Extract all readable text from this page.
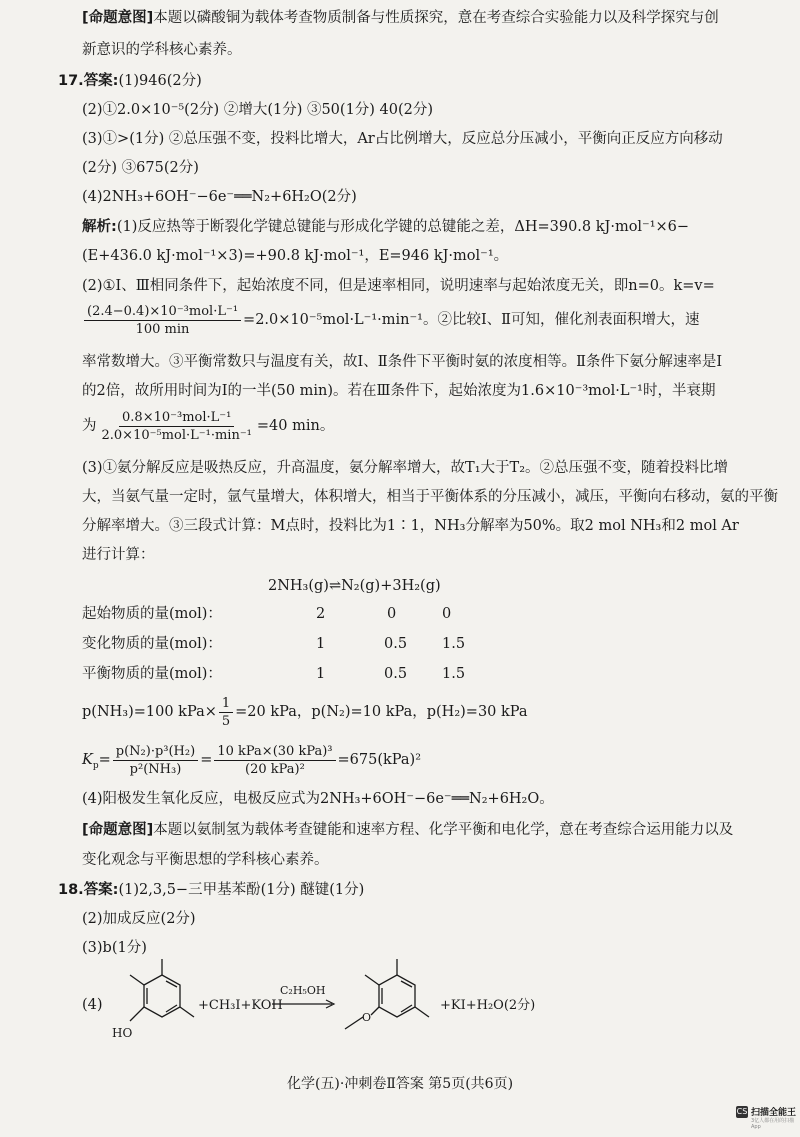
[命题意图]本题以磷酸铜为载体考查物质制备与性质探究，意在考查综合实验能力以及科学探究与创
新意识的学科核心素养。
17.答案:(1)946(2分)
(2)①2.0×10⁻⁵(2分) ②增大(1分) ③50(1分) 40(2分)
(3)①>(1分) ②总压强不变，投料比增大，Ar占比例增大，反应总分压减小，平衡向正反应方向移动
(2分) ③675(2分)
(4)2NH₃+6OH⁻−6e⁻══N₂+6H₂O(2分)
解析:(1)反应热等于断裂化学键总键能与形成化学键的总键能之差，ΔH=390.8 kJ·mol⁻¹×6−
(E+436.0 kJ·mol⁻¹×3)=+90.8 kJ·mol⁻¹，E=946 kJ·mol⁻¹。
(2)①Ⅰ、Ⅲ相同条件下，起始浓度不同，但是速率相同，说明速率与起始浓度无关，即n=0。k=v=
$\frac{\text{(2.4−0.4)×10⁻³mol·L⁻¹}}{100 \min} =2.0\times 10^{-5}mol\cdot L^{-1}\cdot\min^{-1}$。②比较Ⅰ、Ⅱ可知，催化剂表面积增大，速
率常数增大。③平衡常数只与温度有关，故Ⅰ、Ⅱ条件下平衡时氨的浓度相等。Ⅱ条件下氨分解速率是Ⅰ
的2倍，故所用时间为Ⅰ的一半(50 min)。若在Ⅲ条件下，起始浓度为1.6×10⁻³mol·L⁻¹时，半衰期
为 $\frac{\text{0.8×10⁻³mol·L⁻¹}}{\text{2.0×10⁻⁵mol·L⁻¹·min⁻¹}} =40$ min。
(3)①氨分解反应是吸热反应，升高温度，氨分解率增大，故T₁大于T₂。②总压强不变，随着投料比增
大，当氨气量一定时，氩气量增大，体积增大，相当于平衡体系的分压减小，减压，平衡向右移动，氨的平衡
分解率增大。③三段式计算：M点时，投料比为1∶1，NH₃分解率为50%。取2 mol NH₃和2 mol Ar
进行计算：
2NH₃(g)⇌N₂(g)+3H₂(g)
起始物质的量(mol)：	2	0	0
变化物质的量(mol)：	1	0.5 1.5
平衡物质的量(mol)：	1	0.5 1.5
p(NH₃)=100 $kPa\times \frac{1}{5} =20$ kPa，p(N₂)=10 kPa，p(H₂)=30 kPa
$K_p= \frac{\text{p(N₂)·p³(H₂)}}{\text{p²(NH₃)}} = \frac{\text{10 kPa×(30 kPa)³}}{\text{(20 kPa)²}} =675(kPa)^2$
(4)阳极发生氧化反应，电极反应式为2NH₃+6OH⁻−6e⁻══N₂+6H₂O。
[命题意图]本题以氨制氢为载体考查键能和速率方程、化学平衡和电化学，意在考查综合运用能力以及
变化观念与平衡思想的学科核心素养。
18.答案:(1)2,3,5−三甲基苯酚(1分) 醚键(1分)
(2)加成反应(2分)
(3)b(1分)
(4)
HO
+CH₃I+KOH
C₂H₅OH
O
+KI+H₂O(2分)
化学(五)·冲刺卷Ⅱ答案 第5页(共6页)
CS 扫描全能王
3亿人都在用的扫描App
